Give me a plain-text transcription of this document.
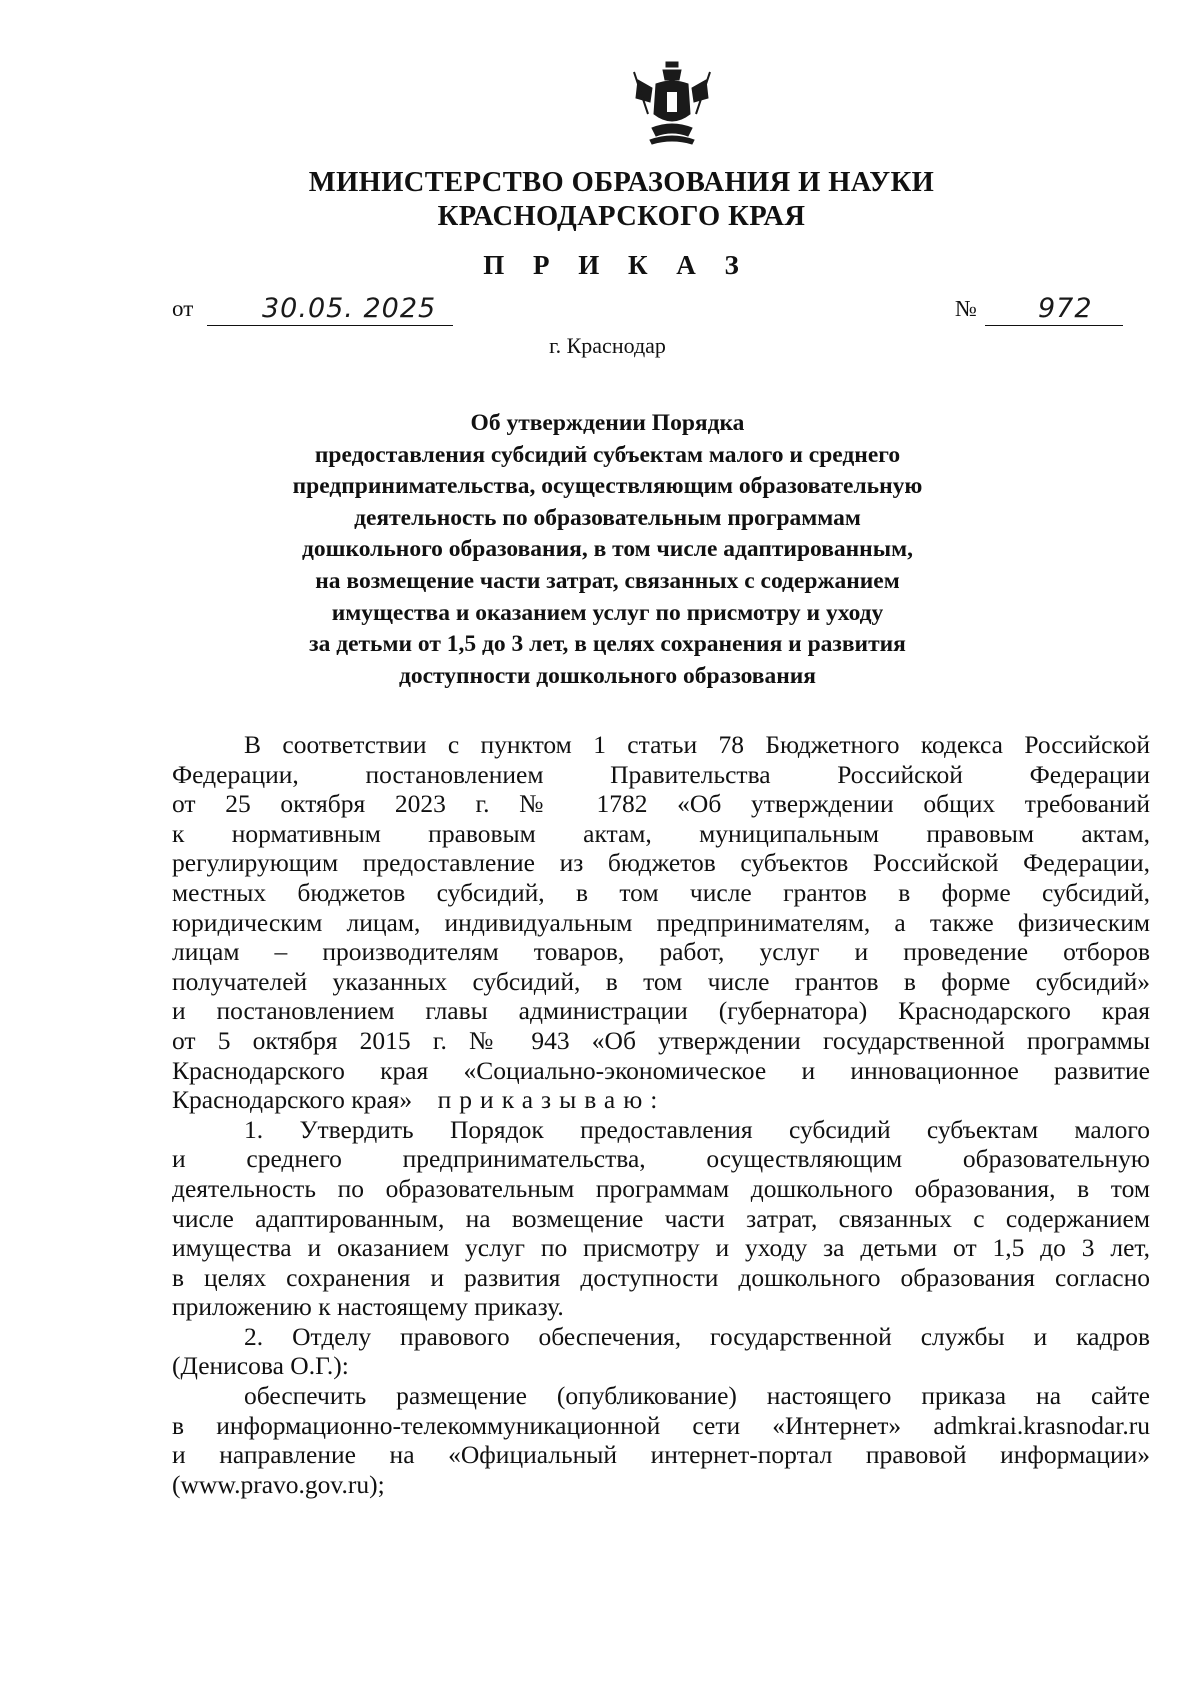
МИНИСТЕРСТВО ОБРАЗОВАНИЯ И НАУКИ
КРАСНОДАРСКОГО КРАЯ
П Р И К А З
от	30.05. 2025	№ 972
г. Краснодар
Об утверждении Порядка
предоставления субсидий субъектам малого и среднего
предпринимательства, осуществляющим образовательную
деятельность по образовательным программам
дошкольного образования, в том числе адаптированным,
на возмещение части затрат, связанных с содержанием
имущества и оказанием услуг по присмотру и уходу
за детьми от 1,5 до 3 лет, в целях сохранения и развития
доступности дошкольного образования
В соответствии с пунктом 1 статьи 78 Бюджетного кодекса Российской
Федерации, постановлением Правительства Российской Федерации
от 25 октября 2023 г. № 1782 «Об утверждении общих требований
к нормативным правовым актам, муниципальным правовым актам,
регулирующим предоставление из бюджетов субъектов Российской Федерации,
местных бюджетов субсидий, в том числе грантов в форме субсидий,
юридическим лицам, индивидуальным предпринимателям, а также физическим
лицам – производителям товаров, работ, услуг и проведение отборов
получателей указанных субсидий, в том числе грантов в форме субсидий»
и постановлением главы администрации (губернатора) Краснодарского края
от 5 октября 2015 г. № 943 «Об утверждении государственной программы
Краснодарского края «Социально-экономическое и инновационное развитие
Краснодарского края» приказываю:
1. Утвердить Порядок предоставления субсидий субъектам малого
и среднего предпринимательства, осуществляющим образовательную
деятельность по образовательным программам дошкольного образования, в том
числе адаптированным, на возмещение части затрат, связанных с содержанием
имущества и оказанием услуг по присмотру и уходу за детьми от 1,5 до 3 лет,
в целях сохранения и развития доступности дошкольного образования согласно
приложению к настоящему приказу.
2. Отделу правового обеспечения, государственной службы и кадров
(Денисова О.Г.):
обеспечить размещение (опубликование) настоящего приказа на сайте
в информационно-телекоммуникационной сети «Интернет» admkrai.krasnodar.ru
и направление на «Официальный интернет-портал правовой информации»
(www.pravo.gov.ru);
